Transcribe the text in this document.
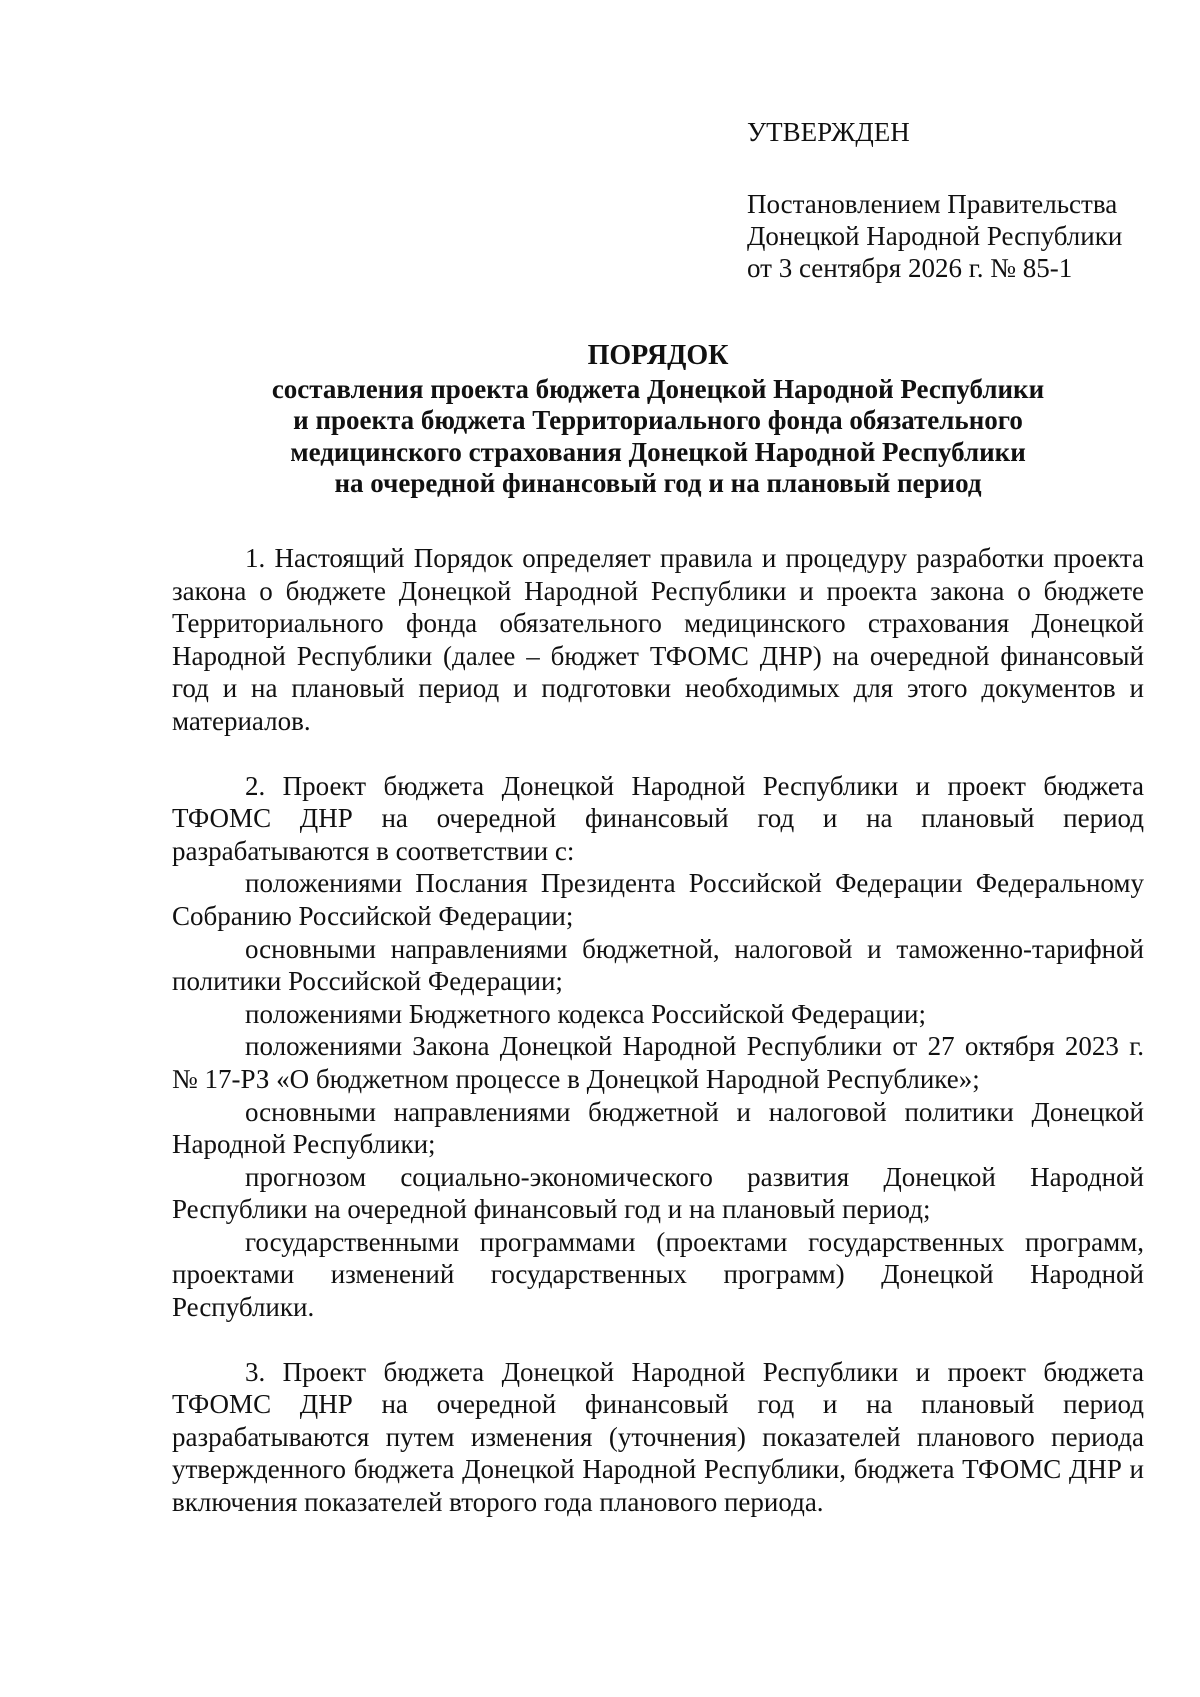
УТВЕРЖДЕН
Постановлением Правительства
Донецкой Народной Республики
от 3 сентября 2026 г. № 85-1
ПОРЯДОК
составления проекта бюджета Донецкой Народной Республики
и проекта бюджета Территориального фонда обязательного
медицинского страхования Донецкой Народной Республики
на очередной финансовый год и на плановый период

1. Настоящий Порядок определяет правила и процедуру разработки проекта закона о бюджете Донецкой Народной Республики и проекта закона о бюджете Территориального фонда обязательного медицинского страхования Донецкой Народной Республики (далее – бюджет ТФОМС ДНР) на очередной финансовый год и на плановый период и подготовки необходимых для этого документов и материалов.

2. Проект бюджета Донецкой Народной Республики и проект бюджета ТФОМС ДНР на очередной финансовый год и на плановый период разрабатываются в соответствии с:

положениями Послания Президента Российской Федерации Федеральному Собранию Российской Федерации;

основными направлениями бюджетной, налоговой и таможенно-тарифной политики Российской Федерации;

положениями Бюджетного кодекса Российской Федерации;

положениями Закона Донецкой Народной Республики от 27 октября 2023 г. № 17-РЗ «О бюджетном процессе в Донецкой Народной Республике»;

основными направлениями бюджетной и налоговой политики Донецкой Народной Республики;

прогнозом социально-экономического развития Донецкой Народной Республики на очередной финансовый год и на плановый период;

государственными программами (проектами государственных программ, проектами изменений государственных программ) Донецкой Народной Республики.

3. Проект бюджета Донецкой Народной Республики и проект бюджета ТФОМС ДНР на очередной финансовый год и на плановый период разрабатываются путем изменения (уточнения) показателей планового периода утвержденного бюджета Донецкой Народной Республики, бюджета ТФОМС ДНР и включения показателей второго года планового периода.
